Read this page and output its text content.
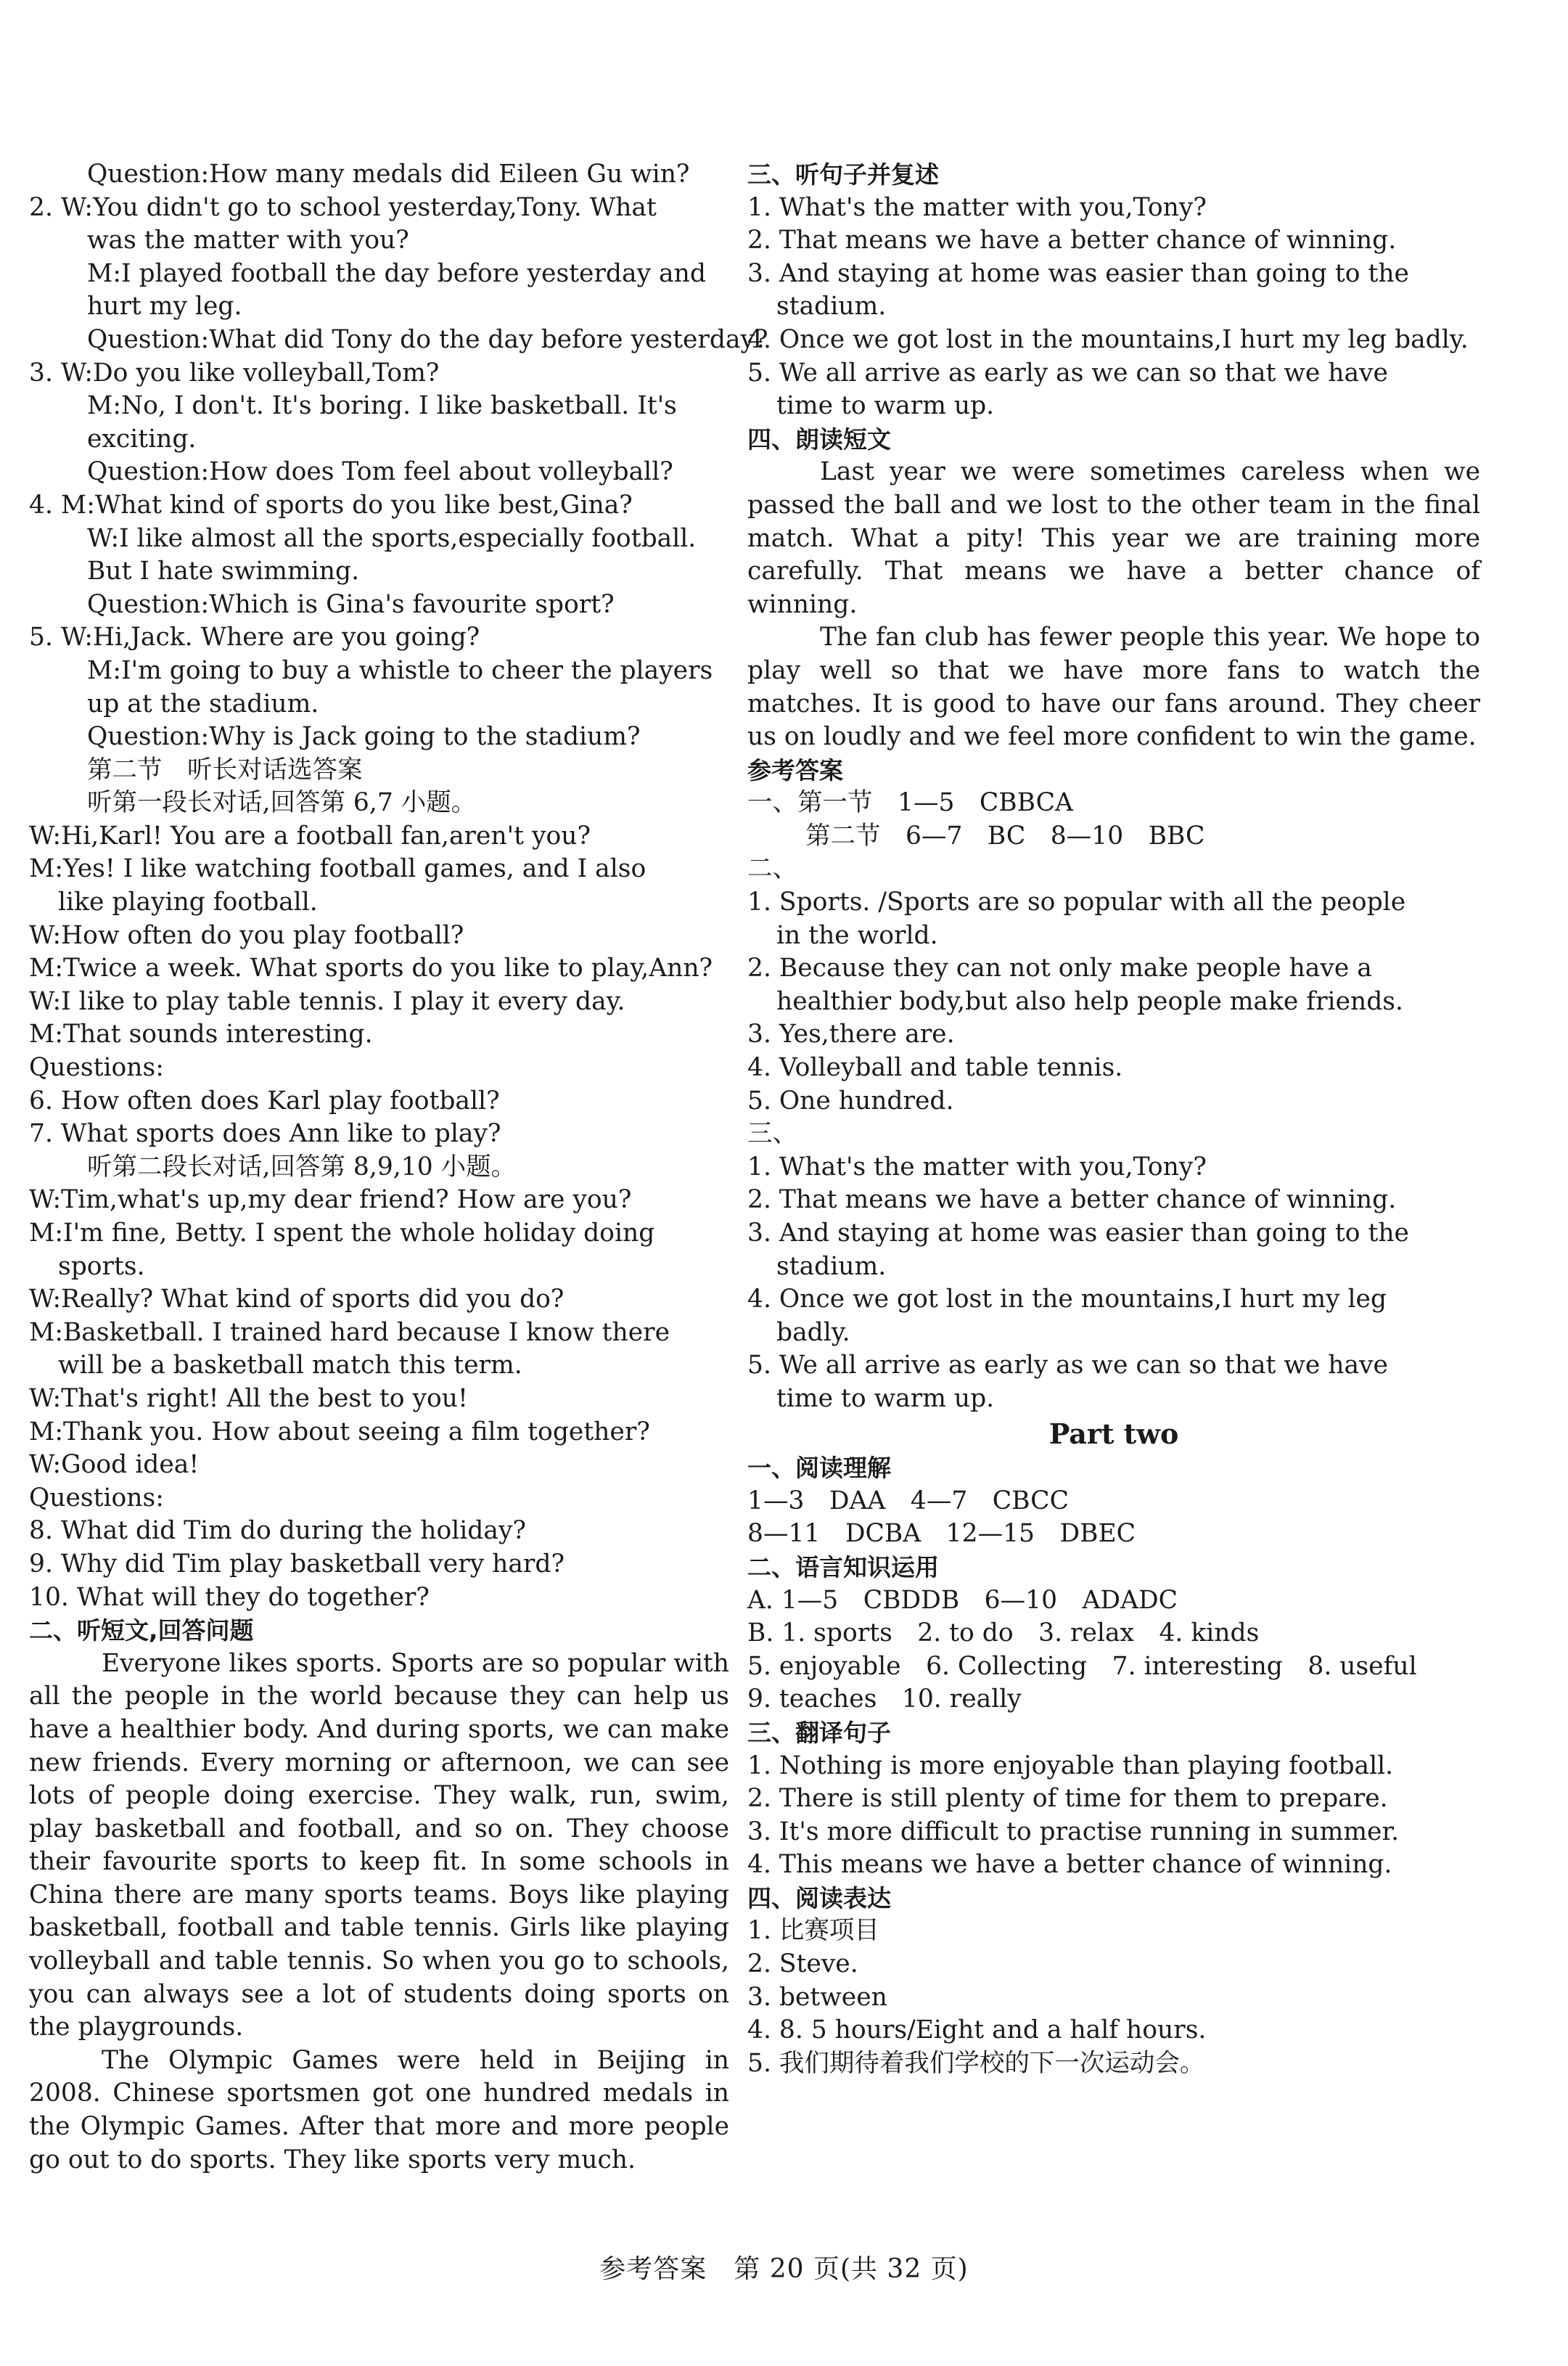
Question:How many medals did Eileen Gu win?
2. W:You didn't go to school yesterday,Tony. What
was the matter with you?
M:I played football the day before yesterday and
hurt my leg.
Question:What did Tony do the day before yesterday?
3. W:Do you like volleyball,Tom?
M:No, I don't. It's boring. I like basketball. It's
exciting.
Question:How does Tom feel about volleyball?
4. M:What kind of sports do you like best,Gina?
W:I like almost all the sports,especially football.
But I hate swimming.
Question:Which is Gina's favourite sport?
5. W:Hi,Jack. Where are you going?
M:I'm going to buy a whistle to cheer the players
up at the stadium.
Question:Why is Jack going to the stadium?
第二节　听长对话选答案
听第一段长对话,回答第 6,7 小题。
W:Hi,Karl! You are a football fan,aren't you?
M:Yes! I like watching football games, and I also
like playing football.
W:How often do you play football?
M:Twice a week. What sports do you like to play,Ann?
W:I like to play table tennis. I play it every day.
M:That sounds interesting.
Questions:
6. How often does Karl play football?
7. What sports does Ann like to play?
听第二段长对话,回答第 8,9,10 小题。
W:Tim,what's up,my dear friend? How are you?
M:I'm fine, Betty. I spent the whole holiday doing
sports.
W:Really? What kind of sports did you do?
M:Basketball. I trained hard because I know there
will be a basketball match this term.
W:That's right! All the best to you!
M:Thank you. How about seeing a film together?
W:Good idea!
Questions:
8. What did Tim do during the holiday?
9. Why did Tim play basketball very hard?
10. What will they do together?
二、听短文,回答问题
Everyone likes sports. Sports are so popular with all the people in the world because they can help us have a healthier body. And during sports, we can make new friends. Every morning or afternoon, we can see lots of people doing exercise. They walk, run, swim, play basketball and football, and so on. They choose their favourite sports to keep fit. In some schools in China there are many sports teams. Boys like playing basketball, football and table tennis. Girls like playing volleyball and table tennis. So when you go to schools, you can always see a lot of students doing sports on the playgrounds.
The Olympic Games were held in Beijing in 2008. Chinese sportsmen got one hundred medals in the Olympic Games. After that more and more people go out to do sports. They like sports very much.
三、听句子并复述
1. What's the matter with you,Tony?
2. That means we have a better chance of winning.
3. And staying at home was easier than going to the
stadium.
4. Once we got lost in the mountains,I hurt my leg badly.
5. We all arrive as early as we can so that we have
time to warm up.
四、朗读短文
Last year we were sometimes careless when we passed the ball and we lost to the other team in the final match. What a pity! This year we are training more carefully. That means we have a better chance of winning.
The fan club has fewer people this year. We hope to play well so that we have more fans to watch the matches. It is good to have our fans around. They cheer us on loudly and we feel more confident to win the game.
参考答案
一、第一节　1—5　CBBCA
第二节　6—7　BC　8—10　BBC
二、
1. Sports. /Sports are so popular with all the people
in the world.
2. Because they can not only make people have a
healthier body,but also help people make friends.
3. Yes,there are.
4. Volleyball and table tennis.
5. One hundred.
三、
1. What's the matter with you,Tony?
2. That means we have a better chance of winning.
3. And staying at home was easier than going to the
stadium.
4. Once we got lost in the mountains,I hurt my leg
badly.
5. We all arrive as early as we can so that we have
time to warm up.
Part two
一、阅读理解
1—3　DAA　4—7　CBCC
8—11　DCBA　12—15　DBEC
二、语言知识运用
A. 1—5　CBDDB　6—10　ADADC
B. 1. sports　2. to do　3. relax　4. kinds
5. enjoyable　6. Collecting　7. interesting　8. useful
9. teaches　10. really
三、翻译句子
1. Nothing is more enjoyable than playing football.
2. There is still plenty of time for them to prepare.
3. It's more difficult to practise running in summer.
4. This means we have a better chance of winning.
四、阅读表达
1. 比赛项目
2. Steve.
3. between
4. 8. 5 hours/Eight and a half hours.
5. 我们期待着我们学校的下一次运动会。
参考答案　第 20 页(共 32 页)
